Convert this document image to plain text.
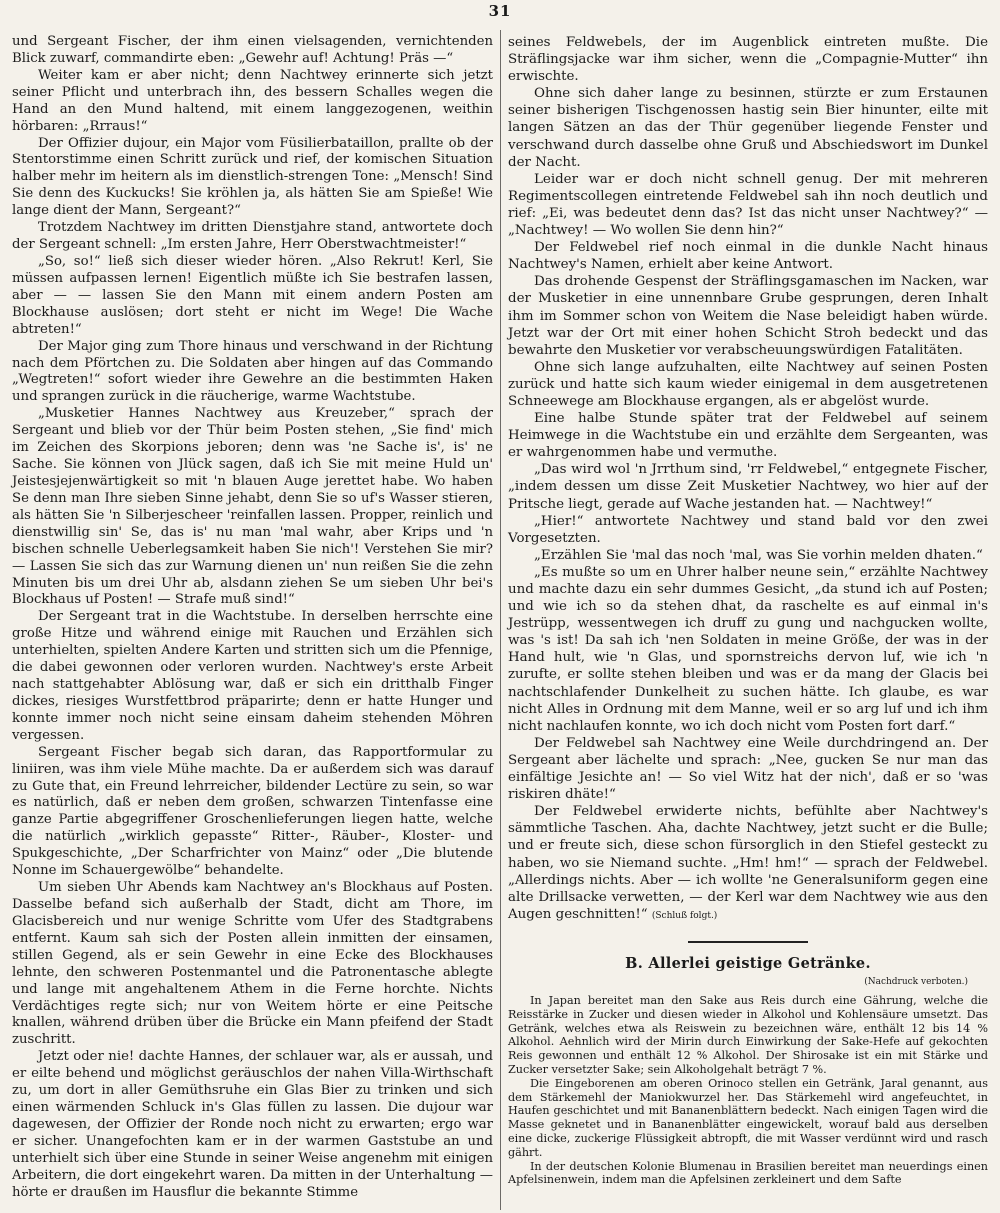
31

und Sergeant Fischer, der ihm einen vielsagenden, vernichtenden Blick zuwarf, commandirte eben: „Gewehr auf! Achtung! Präs —“

Weiter kam er aber nicht; denn Nachtwey erinnerte sich jetzt seiner Pflicht und unterbrach ihn, des bessern Schalles wegen die Hand an den Mund haltend, mit einem langgezogenen, weithin hörbaren: „Rrraus!“

Der Offizier dujour, ein Major vom Füsilierbataillon, prallte ob der Stentorstimme einen Schritt zurück und rief, der komischen Situation halber mehr im heitern als im dienstlich-strengen Tone: „Mensch! Sind Sie denn des Kuckucks! Sie kröhlen ja, als hätten Sie am Spieße! Wie lange dient der Mann, Sergeant?“

Trotzdem Nachtwey im dritten Dienstjahre stand, antwortete doch der Sergeant schnell: „Im ersten Jahre, Herr Oberstwachtmeister!“

„So, so!“ ließ sich dieser wieder hören. „Also Rekrut! Kerl, Sie müssen aufpassen lernen! Eigentlich müßte ich Sie bestrafen lassen, aber — — lassen Sie den Mann mit einem andern Posten am Blockhause auslösen; dort steht er nicht im Wege! Die Wache abtreten!“

Der Major ging zum Thore hinaus und verschwand in der Richtung nach dem Pförtchen zu. Die Soldaten aber hingen auf das Commando „Wegtreten!“ sofort wieder ihre Gewehre an die bestimmten Haken und sprangen zurück in die räucherige, warme Wachtstube.

„Musketier Hannes Nachtwey aus Kreuzeber,“ sprach der Sergeant und blieb vor der Thür beim Posten stehen, „Sie find' mich im Zeichen des Skorpions jeboren; denn was 'ne Sache is', is' ne Sache. Sie können von Jlück sagen, daß ich Sie mit meine Huld un' Jeistesjejenwärtigkeit so mit 'n blauen Auge jerettet habe. Wo haben Se denn man Ihre sieben Sinne jehabt, denn Sie so uf's Wasser stieren, als hätten Sie 'n Silberjescheer 'reinfallen lassen. Propper, reinlich und dienstwillig sin' Se, das is' nu man 'mal wahr, aber Krips und 'n bischen schnelle Ueberlegsamkeit haben Sie nich'! Verstehen Sie mir? — Lassen Sie sich das zur Warnung dienen un' nun reißen Sie die zehn Minuten bis um drei Uhr ab, alsdann ziehen Se um sieben Uhr bei's Blockhaus uf Posten! — Strafe muß sind!“

Der Sergeant trat in die Wachtstube. In derselben herrschte eine große Hitze und während einige mit Rauchen und Erzählen sich unterhielten, spielten Andere Karten und stritten sich um die Pfennige, die dabei gewonnen oder verloren wurden. Nachtwey's erste Arbeit nach stattgehabter Ablösung war, daß er sich ein dritthalb Finger dickes, riesiges Wurstfettbrod präparirte; denn er hatte Hunger und konnte immer noch nicht seine einsam daheim stehenden Möhren vergessen.

Sergeant Fischer begab sich daran, das Rapportformular zu liniiren, was ihm viele Mühe machte. Da er außerdem sich was darauf zu Gute that, ein Freund lehrreicher, bildender Lectüre zu sein, so war es natürlich, daß er neben dem großen, schwarzen Tintenfasse eine ganze Partie abgegriffener Groschenlieferungen liegen hatte, welche die natürlich „wirklich gepasste“ Ritter-, Räuber-, Kloster- und Spukgeschichte, „Der Scharfrichter von Mainz“ oder „Die blutende Nonne im Schauergewölbe“ behandelte.

Um sieben Uhr Abends kam Nachtwey an's Blockhaus auf Posten. Dasselbe befand sich außerhalb der Stadt, dicht am Thore, im Glacisbereich und nur wenige Schritte vom Ufer des Stadtgrabens entfernt. Kaum sah sich der Posten allein inmitten der einsamen, stillen Gegend, als er sein Gewehr in eine Ecke des Blockhauses lehnte, den schweren Postenmantel und die Patronentasche ablegte und lange mit angehaltenem Athem in die Ferne horchte. Nichts Verdächtiges regte sich; nur von Weitem hörte er eine Peitsche knallen, während drüben über die Brücke ein Mann pfeifend der Stadt zuschritt.

Jetzt oder nie! dachte Hannes, der schlauer war, als er aussah, und er eilte behend und möglichst geräuschlos der nahen Villa-Wirthschaft zu, um dort in aller Gemüthsruhe ein Glas Bier zu trinken und sich einen wärmenden Schluck in's Glas füllen zu lassen. Die dujour war dagewesen, der Offizier der Ronde noch nicht zu erwarten; ergo war er sicher. Unangefochten kam er in der warmen Gaststube an und unterhielt sich über eine Stunde in seiner Weise angenehm mit einigen Arbeitern, die dort eingekehrt waren. Da mitten in der Unterhaltung — hörte er draußen im Hausflur die bekannte Stimme

seines Feldwebels, der im Augenblick eintreten mußte. Die Sträflingsjacke war ihm sicher, wenn die „Compagnie-Mutter“ ihn erwischte.

Ohne sich daher lange zu besinnen, stürzte er zum Erstaunen seiner bisherigen Tischgenossen hastig sein Bier hinunter, eilte mit langen Sätzen an das der Thür gegenüber liegende Fenster und verschwand durch dasselbe ohne Gruß und Abschiedswort im Dunkel der Nacht.

Leider war er doch nicht schnell genug. Der mit mehreren Regimentscollegen eintretende Feldwebel sah ihn noch deutlich und rief: „Ei, was bedeutet denn das? Ist das nicht unser Nachtwey?“ — „Nachtwey! — Wo wollen Sie denn hin?“

Der Feldwebel rief noch einmal in die dunkle Nacht hinaus Nachtwey's Namen, erhielt aber keine Antwort.

Das drohende Gespenst der Sträflingsgamaschen im Nacken, war der Musketier in eine unnennbare Grube gesprungen, deren Inhalt ihm im Sommer schon von Weitem die Nase beleidigt haben würde. Jetzt war der Ort mit einer hohen Schicht Stroh bedeckt und das bewahrte den Musketier vor verabscheuungswürdigen Fatalitäten.

Ohne sich lange aufzuhalten, eilte Nachtwey auf seinen Posten zurück und hatte sich kaum wieder einigemal in dem ausgetretenen Schneewege am Blockhause ergangen, als er abgelöst wurde.

Eine halbe Stunde später trat der Feldwebel auf seinem Heimwege in die Wachtstube ein und erzählte dem Sergeanten, was er wahrgenommen habe und vermuthe.

„Das wird wol 'n Jrrthum sind, 'rr Feldwebel,“ entgegnete Fischer, „indem dessen um disse Zeit Musketier Nachtwey, wo hier auf der Pritsche liegt, gerade auf Wache jestanden hat. — Nachtwey!“

„Hier!“ antwortete Nachtwey und stand bald vor den zwei Vorgesetzten.

„Erzählen Sie 'mal das noch 'mal, was Sie vorhin melden dhaten.“

„Es mußte so um en Uhrer halber neune sein,“ erzählte Nachtwey und machte dazu ein sehr dummes Gesicht, „da stund ich auf Posten; und wie ich so da stehen dhat, da raschelte es auf einmal in's Jestrüpp, wessentwegen ich druff zu gung und nachgucken wollte, was 's ist! Da sah ich 'nen Soldaten in meine Größe, der was in der Hand hult, wie 'n Glas, und spornstreichs dervon luf, wie ich 'n zurufte, er sollte stehen bleiben und was er da mang der Glacis bei nachtschlafender Dunkelheit zu suchen hätte. Ich glaube, es war nicht Alles in Ordnung mit dem Manne, weil er so arg luf und ich ihm nicht nachlaufen konnte, wo ich doch nicht vom Posten fort darf.“

Der Feldwebel sah Nachtwey eine Weile durchdringend an. Der Sergeant aber lächelte und sprach: „Nee, gucken Se nur man das einfältige Jesichte an! — So viel Witz hat der nich', daß er so 'was riskiren dhäte!“

Der Feldwebel erwiderte nichts, befühlte aber Nachtwey's sämmtliche Taschen. Aha, dachte Nachtwey, jetzt sucht er die Bulle; und er freute sich, diese schon fürsorglich in den Stiefel gesteckt zu haben, wo sie Niemand suchte. „Hm! hm!“ — sprach der Feldwebel. „Allerdings nichts. Aber — ich wollte 'ne Generalsuniform gegen eine alte Drillsacke verwetten, — der Kerl war dem Nachtwey wie aus den Augen geschnitten!“ (Schluß folgt.)

B. Allerlei geistige Getränke.
(Nachdruck verboten.)

In Japan bereitet man den Sake aus Reis durch eine Gährung, welche die Reisstärke in Zucker und diesen wieder in Alkohol und Kohlensäure umsetzt. Das Getränk, welches etwa als Reiswein zu bezeichnen wäre, enthält 12 bis 14 % Alkohol. Aehnlich wird der Mirin durch Einwirkung der Sake-Hefe auf gekochten Reis gewonnen und enthält 12 % Alkohol. Der Shirosake ist ein mit Stärke und Zucker versetzter Sake; sein Alkoholgehalt beträgt 7 %.

Die Eingeborenen am oberen Orinoco stellen ein Getränk, Jaral genannt, aus dem Stärkemehl der Maniokwurzel her. Das Stärkemehl wird angefeuchtet, in Haufen geschichtet und mit Bananenblättern bedeckt. Nach einigen Tagen wird die Masse geknetet und in Bananenblätter eingewickelt, worauf bald aus derselben eine dicke, zuckerige Flüssigkeit abtropft, die mit Wasser verdünnt wird und rasch gährt.

In der deutschen Kolonie Blumenau in Brasilien bereitet man neuerdings einen Apfelsinenwein, indem man die Apfelsinen zerkleinert und dem Safte
